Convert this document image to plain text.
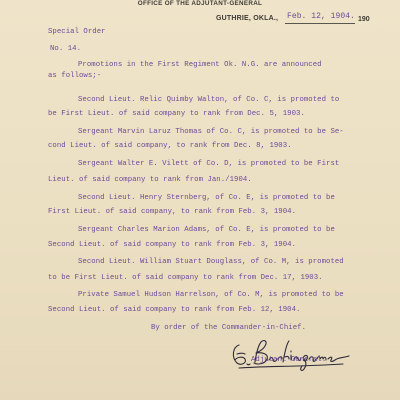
OFFICE OF THE ADJUTANT-GENERAL
GUTHRIE, OKLA., Feb. 12, 1904. 190
Special Order
No. 14.
Promotions in the First Regiment Ok. N.G. are announced
as follows;-
Second Lieut. Relic Quimby Walton, of Co. C, is promoted to
be First Lieut. of said company to rank from Dec. 5, 1903.
Sergeant Marvin Laruz Thomas of Co. C, is promoted to be Se-
cond Lieut. of said company, to rank from Dec. 8, 1903.
Sergeant Walter E. Vilett of Co. D, is promoted to be First
Lieut. of said company to rank from Jan./1904.
Second Lieut. Henry Sternberg, of Co. E, is promoted to be
First Lieut. of said company, to rank from Feb. 3, 1904.
Sergeant Charles Marion Adams, of Co. E, is promoted to be
Second Lieut. of said company to rank from Feb. 3, 1904.
Second Lieut. William Stuart Douglass, of Co. M, is promoted
to be First Lieut. of said company to rank from Dec. 17, 1903.
Private Samuel Hudson Harrelson, of Co. M, is promoted to be
Second Lieut. of said company to rank from Feb. 12, 1904.
By order of the Commander-in-Chief.
Adjutant General.
